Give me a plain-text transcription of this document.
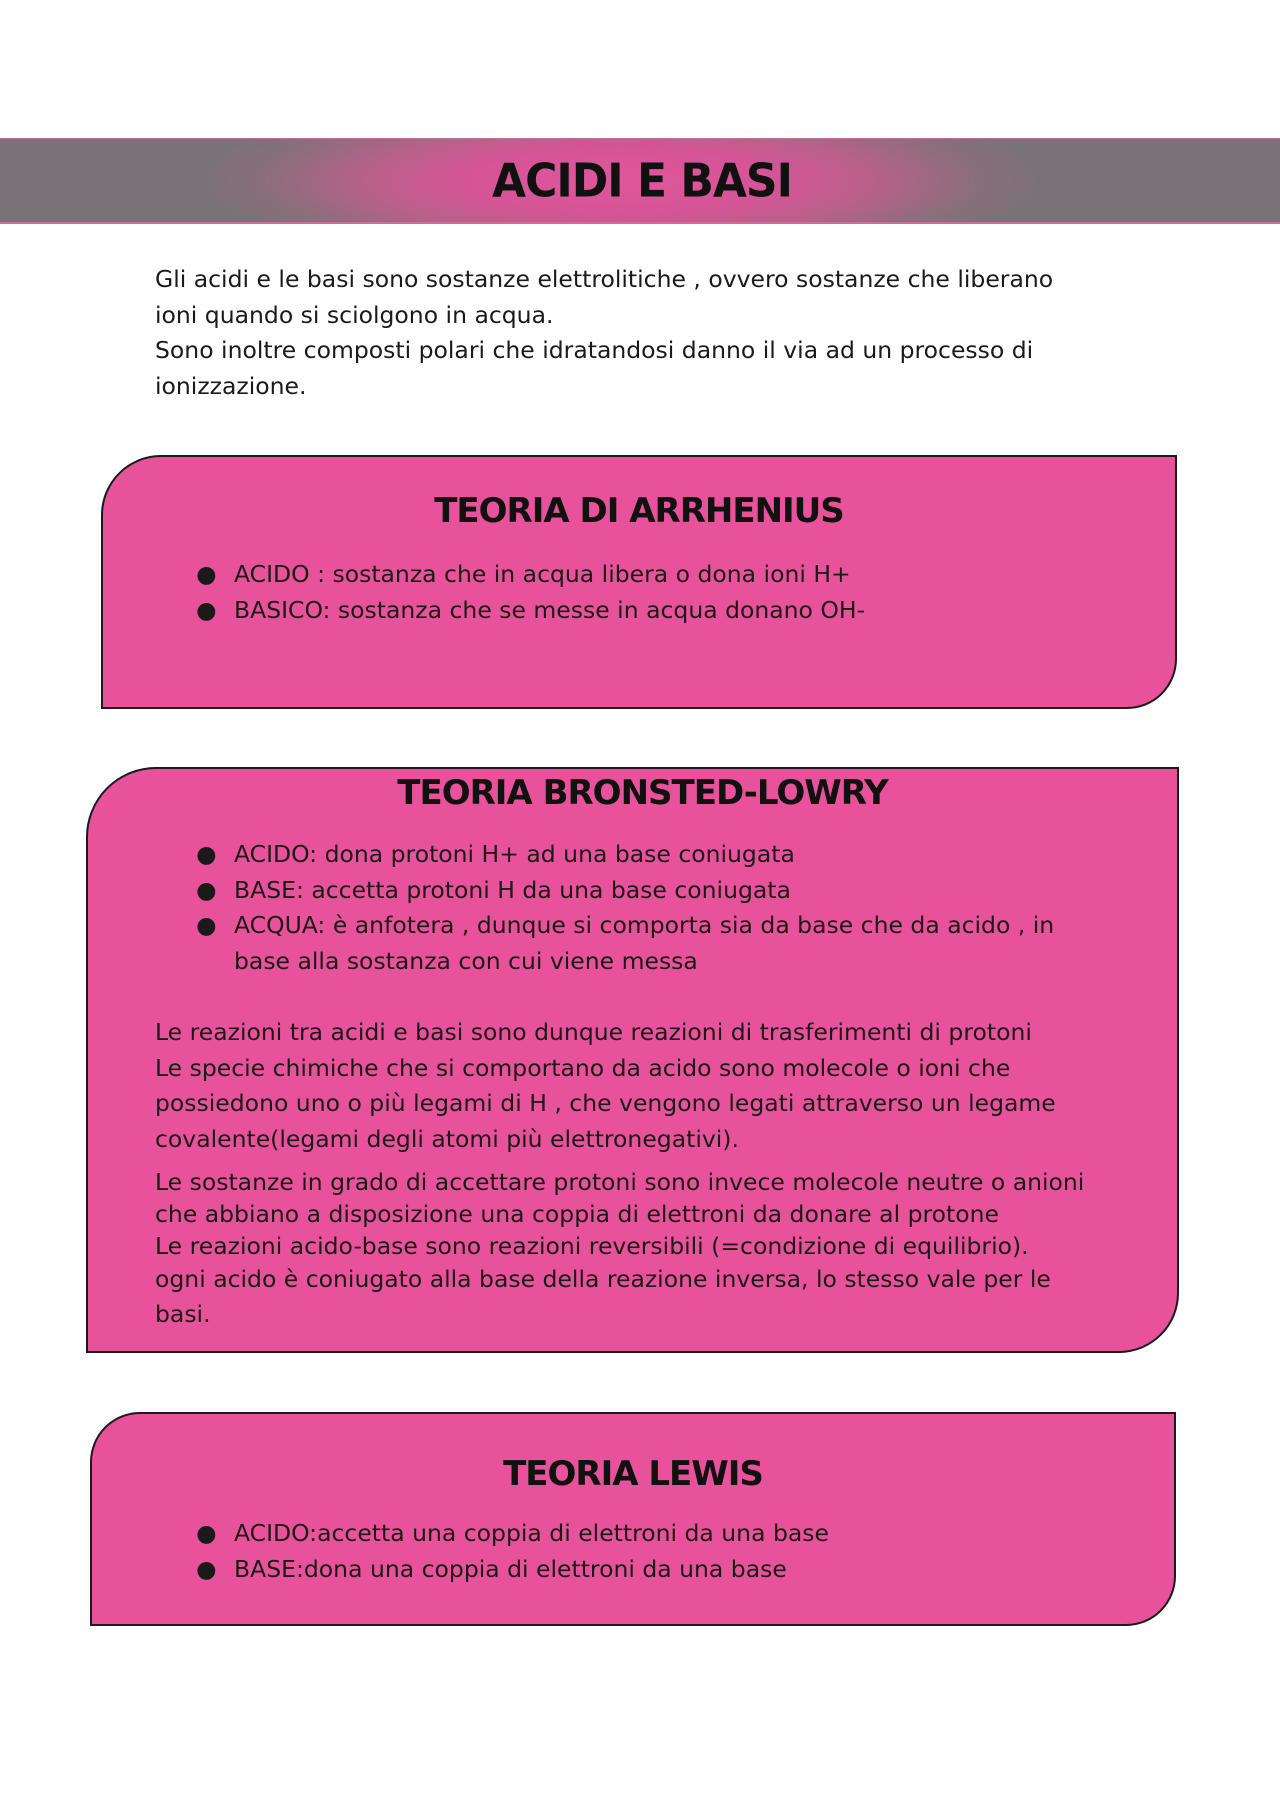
ACIDI E BASI

Gli acidi e le basi sono sostanze elettrolitiche , ovvero sostanze che liberano

ioni quando si sciolgono in acqua.

Sono inoltre composti polari che idratandosi danno il via ad un processo di

ionizzazione.

TEORIA DI ARRHENIUS
● ACIDO : sostanza che in acqua libera o dona ioni H+
● BASICO: sostanza che se messe in acqua donano OH-
TEORIA BRONSTED-LOWRY
● ACIDO: dona protoni H+ ad una base coniugata
● BASE: accetta protoni H da una base coniugata
● ACQUA: è anfotera , dunque si comporta sia da base che da acido , in
base alla sostanza con cui viene messa
Le reazioni tra acidi e basi sono dunque reazioni di trasferimenti di protoni
Le specie chimiche che si comportano da acido sono molecole o ioni che
possiedono uno o più legami di H , che vengono legati attraverso un legame
covalente(legami degli atomi più elettronegativi).
Le sostanze in grado di accettare protoni sono invece molecole neutre o anioni
che abbiano a disposizione una coppia di elettroni da donare al protone
Le reazioni acido-base sono reazioni reversibili (=condizione di equilibrio).
ogni acido è coniugato alla base della reazione inversa, lo stesso vale per le
basi.
TEORIA LEWIS
● ACIDO:accetta una coppia di elettroni da una base
● BASE:dona una coppia di elettroni da una base
